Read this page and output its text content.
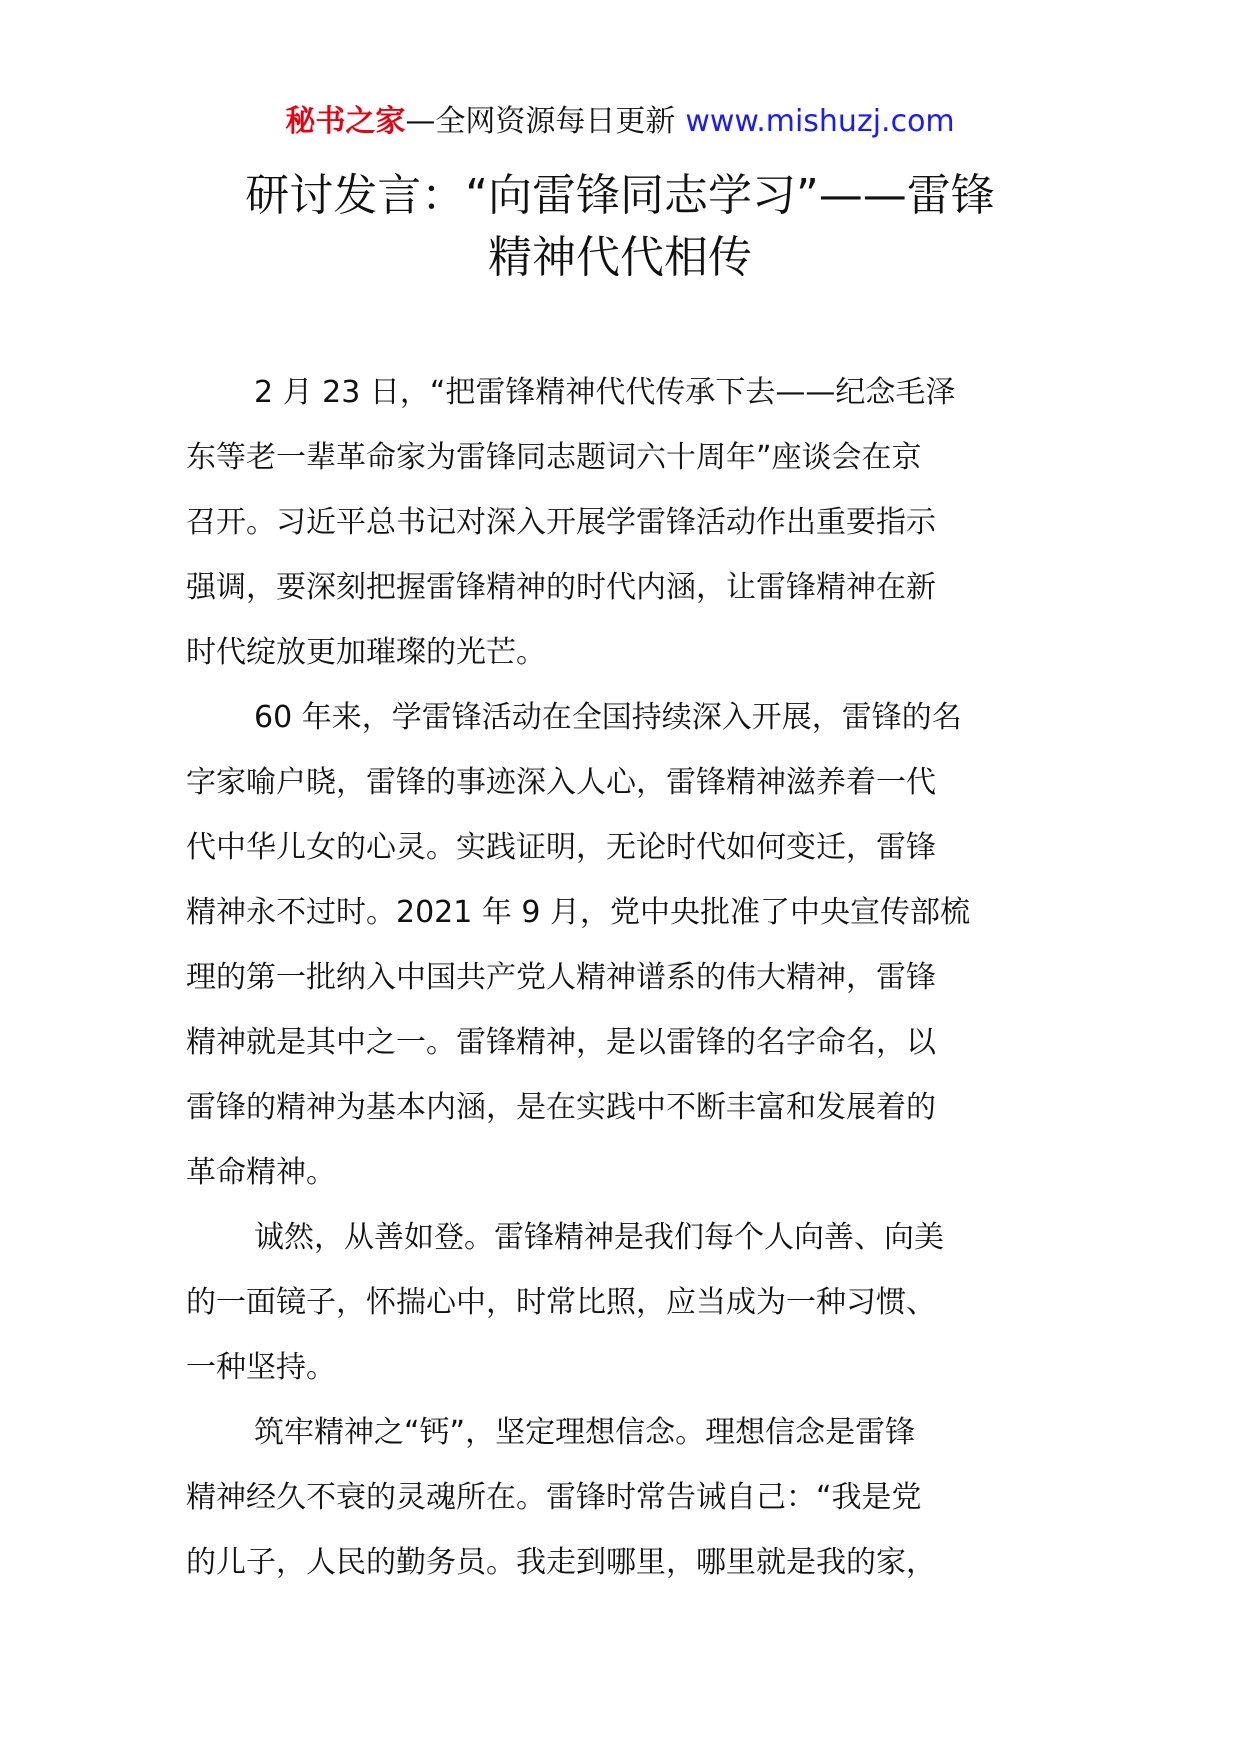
秘书之家—全网资源每日更新 www.mishuzj.com
研讨发言：“向雷锋同志学习”——雷锋
精神代代相传
2 月 23 日，“把雷锋精神代代传承下去——纪念毛泽
东等老一辈革命家为雷锋同志题词六十周年”座谈会在京
召开。习近平总书记对深入开展学雷锋活动作出重要指示
强调，要深刻把握雷锋精神的时代内涵，让雷锋精神在新
时代绽放更加璀璨的光芒。
60 年来，学雷锋活动在全国持续深入开展，雷锋的名
字家喻户晓，雷锋的事迹深入人心，雷锋精神滋养着一代
代中华儿女的心灵。实践证明，无论时代如何变迁，雷锋
精神永不过时。2021 年 9 月，党中央批准了中央宣传部梳
理的第一批纳入中国共产党人精神谱系的伟大精神，雷锋
精神就是其中之一。雷锋精神，是以雷锋的名字命名，以
雷锋的精神为基本内涵，是在实践中不断丰富和发展着的
革命精神。
诚然，从善如登。雷锋精神是我们每个人向善、向美
的一面镜子，怀揣心中，时常比照，应当成为一种习惯、
一种坚持。
筑牢精神之“钙”，坚定理想信念。理想信念是雷锋
精神经久不衰的灵魂所在。雷锋时常告诫自己：“我是党
的儿子，人民的勤务员。我走到哪里，哪里就是我的家，
